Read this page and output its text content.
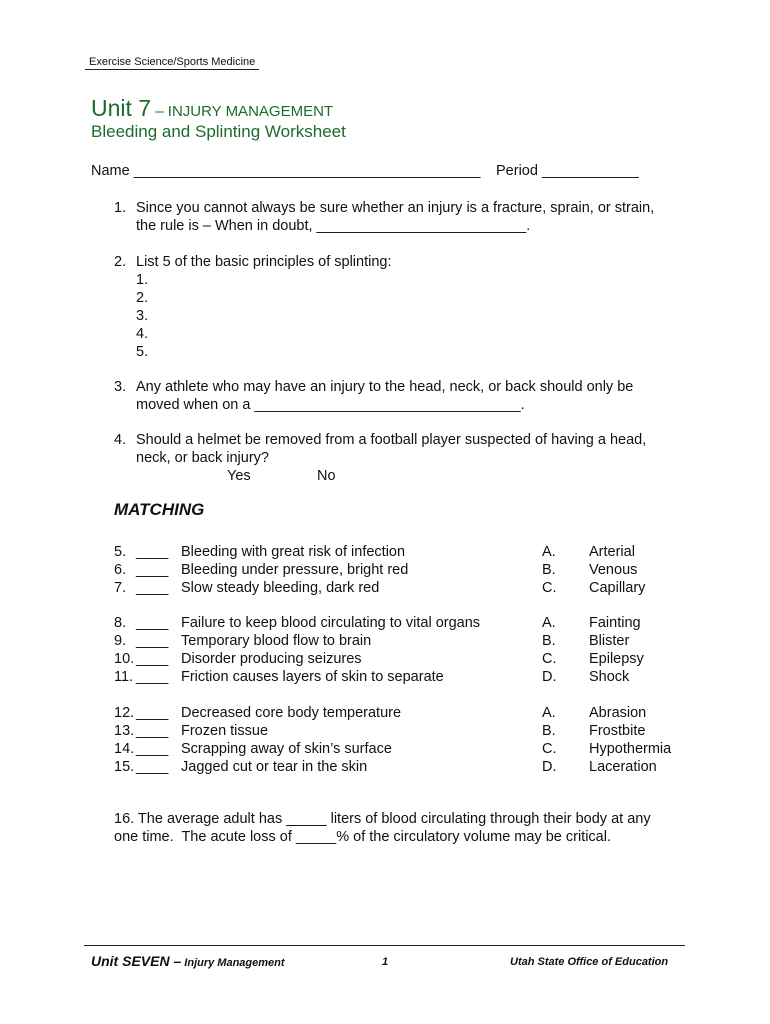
Exercise Science/Sports Medicine
Unit 7 – INJURY MANAGEMENT
Bleeding and Splinting Worksheet
Name ___________________________________________ Period ____________
1. Since you cannot always be sure whether an injury is a fracture, sprain, or strain,
the rule is – When in doubt, __________________________.
2. List 5 of the basic principles of splinting:
1.
2.
3.
4.
5.
3. Any athlete who may have an injury to the head, neck, or back should only be
moved when on a _________________________________.
4. Should a helmet be removed from a football player suspected of having a head,
neck, or back injury?
Yes	No
MATCHING
5. ____ Bleeding with great risk of infection	A. Arterial
6. ____ Bleeding under pressure, bright red	B. Venous
7. ____ Slow steady bleeding, dark red	C. Capillary
8. ____ Failure to keep blood circulating to vital organs	A. Fainting
9. ____ Temporary blood flow to brain	B. Blister
10. ____ Disorder producing seizures	C. Epilepsy
11. ____ Friction causes layers of skin to separate	D. Shock
12. ____ Decreased core body temperature	A. Abrasion
13. ____ Frozen tissue	B. Frostbite
14. ____ Scrapping away of skin’s surface	C. Hypothermia
15. ____ Jagged cut or tear in the skin	D. Laceration
16. The average adult has _____ liters of blood circulating through their body at any
one time.  The acute loss of _____% of the circulatory volume may be critical.
Unit SEVEN – Injury Management	1	Utah State Office of Education
